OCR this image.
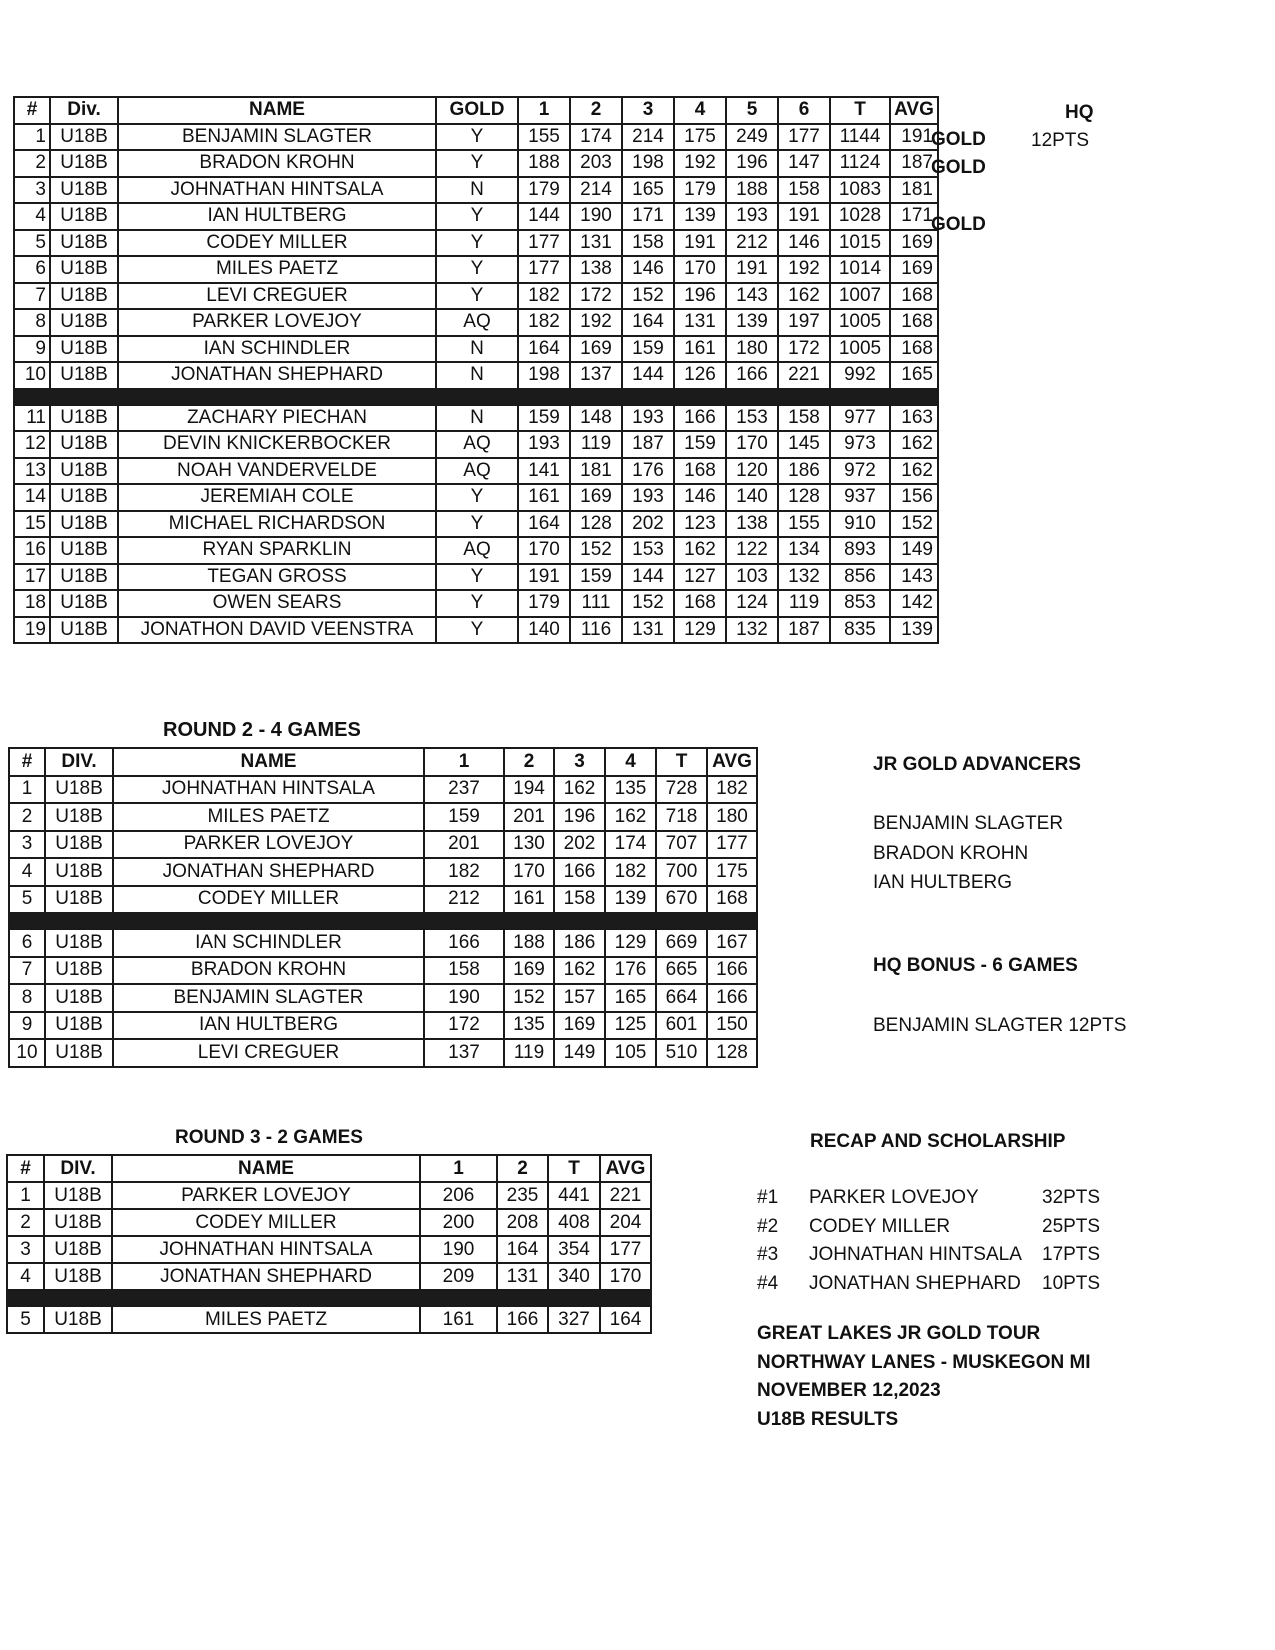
#	Div.	NAME	GOLD	1	2	3	4	5	6	T	AVG
1	U18B	BENJAMIN SLAGTER	Y	155	174	214	175	249	177	1144	191
2	U18B	BRADON KROHN	Y	188	203	198	192	196	147	1124	187
3	U18B	JOHNATHAN HINTSALA	N	179	214	165	179	188	158	1083	181
4	U18B	IAN HULTBERG	Y	144	190	171	139	193	191	1028	171
5	U18B	CODEY MILLER	Y	177	131	158	191	212	146	1015	169
6	U18B	MILES PAETZ	Y	177	138	146	170	191	192	1014	169
7	U18B	LEVI CREGUER	Y	182	172	152	196	143	162	1007	168
8	U18B	PARKER LOVEJOY	AQ	182	192	164	131	139	197	1005	168
9	U18B	IAN SCHINDLER	N	164	169	159	161	180	172	1005	168
10	U18B	JONATHAN SHEPHARD	N	198	137	144	126	166	221	992	165

11	U18B	ZACHARY PIECHAN	N	159	148	193	166	153	158	977	163
12	U18B	DEVIN KNICKERBOCKER	AQ	193	119	187	159	170	145	973	162
13	U18B	NOAH VANDERVELDE	AQ	141	181	176	168	120	186	972	162
14	U18B	JEREMIAH COLE	Y	161	169	193	146	140	128	937	156
15	U18B	MICHAEL RICHARDSON	Y	164	128	202	123	138	155	910	152
16	U18B	RYAN SPARKLIN	AQ	170	152	153	162	122	134	893	149
17	U18B	TEGAN GROSS	Y	191	159	144	127	103	132	856	143
18	U18B	OWEN SEARS	Y	179	111	152	168	124	119	853	142
19	U18B	JONATHON DAVID VEENSTRA	Y	140	116	131	129	132	187	835	139
GOLD
GOLD
GOLD
HQ
12PTS
ROUND 2 - 4 GAMES
#	DIV.	NAME	1	2	3	4	T	AVG
1	U18B	JOHNATHAN HINTSALA	237	194	162	135	728	182
2	U18B	MILES PAETZ	159	201	196	162	718	180
3	U18B	PARKER LOVEJOY	201	130	202	174	707	177
4	U18B	JONATHAN SHEPHARD	182	170	166	182	700	175
5	U18B	CODEY MILLER	212	161	158	139	670	168

6	U18B	IAN SCHINDLER	166	188	186	129	669	167
7	U18B	BRADON KROHN	158	169	162	176	665	166
8	U18B	BENJAMIN SLAGTER	190	152	157	165	664	166
9	U18B	IAN HULTBERG	172	135	169	125	601	150
10	U18B	LEVI CREGUER	137	119	149	105	510	128
ROUND 3 - 2 GAMES
#	DIV.	NAME	1	2	T	AVG
1	U18B	PARKER LOVEJOY	206	235	441	221
2	U18B	CODEY MILLER	200	208	408	204
3	U18B	JOHNATHAN HINTSALA	190	164	354	177
4	U18B	JONATHAN SHEPHARD	209	131	340	170

5	U18B	MILES PAETZ	161	166	327	164
JR GOLD ADVANCERS
BENJAMIN SLAGTER
BRADON KROHN
IAN HULTBERG
HQ BONUS - 6 GAMES
BENJAMIN SLAGTER 12PTS
RECAP AND SCHOLARSHIP
#1 PARKER LOVEJOY	32PTS
#2 CODEY MILLER	25PTS
#3 JOHNATHAN HINTSALA 17PTS
#4 JONATHAN SHEPHARD 10PTS
GREAT LAKES JR GOLD TOUR
NORTHWAY LANES - MUSKEGON MI
NOVEMBER 12,2023
U18B RESULTS
